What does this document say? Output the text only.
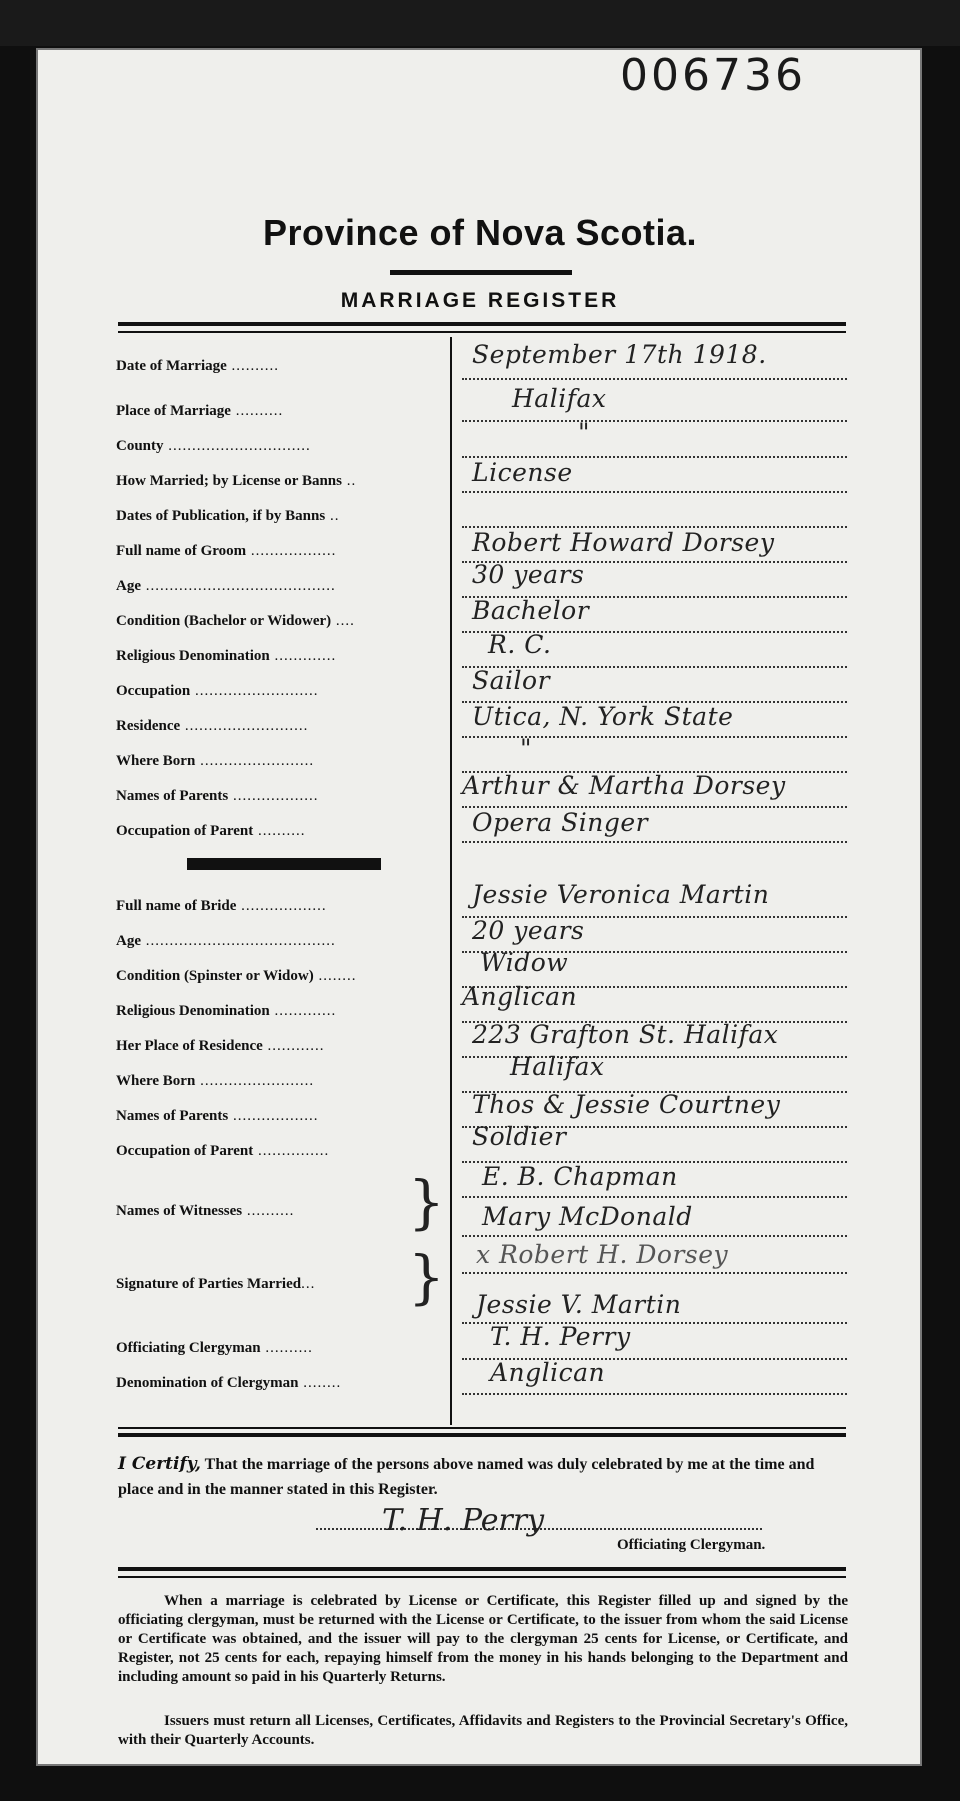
006736
Province of Nova Scotia.
MARRIAGE REGISTER
Date of Marriage ..........	September 17th 1918.
Place of Marriage ..........	Halifax
County ..............................	"
How Married; by License or Banns ..	License
Dates of Publication, if by Banns ..
Full name of Groom ..................	Robert Howard Dorsey
Age ........................................	30 years
Condition (Bachelor or Widower) ....	Bachelor
Religious Denomination .............	R. C.
Occupation ..........................	Sailor
Residence ..........................	Utica, N. York State
Where Born ........................	"
Names of Parents ..................	Arthur & Martha Dorsey
Occupation of Parent ..........	Opera Singer
Full name of Bride ..................	Jessie Veronica Martin
Age ........................................	20 years
Condition (Spinster or Widow) ........	Widow
Religious Denomination .............	Anglican
Her Place of Residence ............	223 Grafton St. Halifax
Where Born ........................	Halifax
Names of Parents ..................	Thos & Jessie Courtney
Occupation of Parent ...............	Soldier
Names of Witnesses .......... } E. B. Chapman
Mary McDonald
Signature of Parties Married... } x Robert H. Dorsey
Jessie V. Martin
Officiating Clergyman ..........	T. H. Perry
Denomination of Clergyman ........	Anglican
I Certify, That the marriage of the persons above named was duly celebrated by me at the time and place and in the manner stated in this Register.
T. H. Perry
Officiating Clergyman.
When a marriage is celebrated by License or Certificate, this Register filled up and signed by the officiating clergyman, must be returned with the License or Certificate, to the issuer from whom the said License or Certificate was obtained, and the issuer will pay to the clergyman 25 cents for License, or Certificate, and Register, not 25 cents for each, repaying himself from the money in his hands belonging to the Department and including amount so paid in his Quarterly Returns.
Issuers must return all Licenses, Certificates, Affidavits and Registers to the Provincial Secretary's Office, with their Quarterly Accounts.
